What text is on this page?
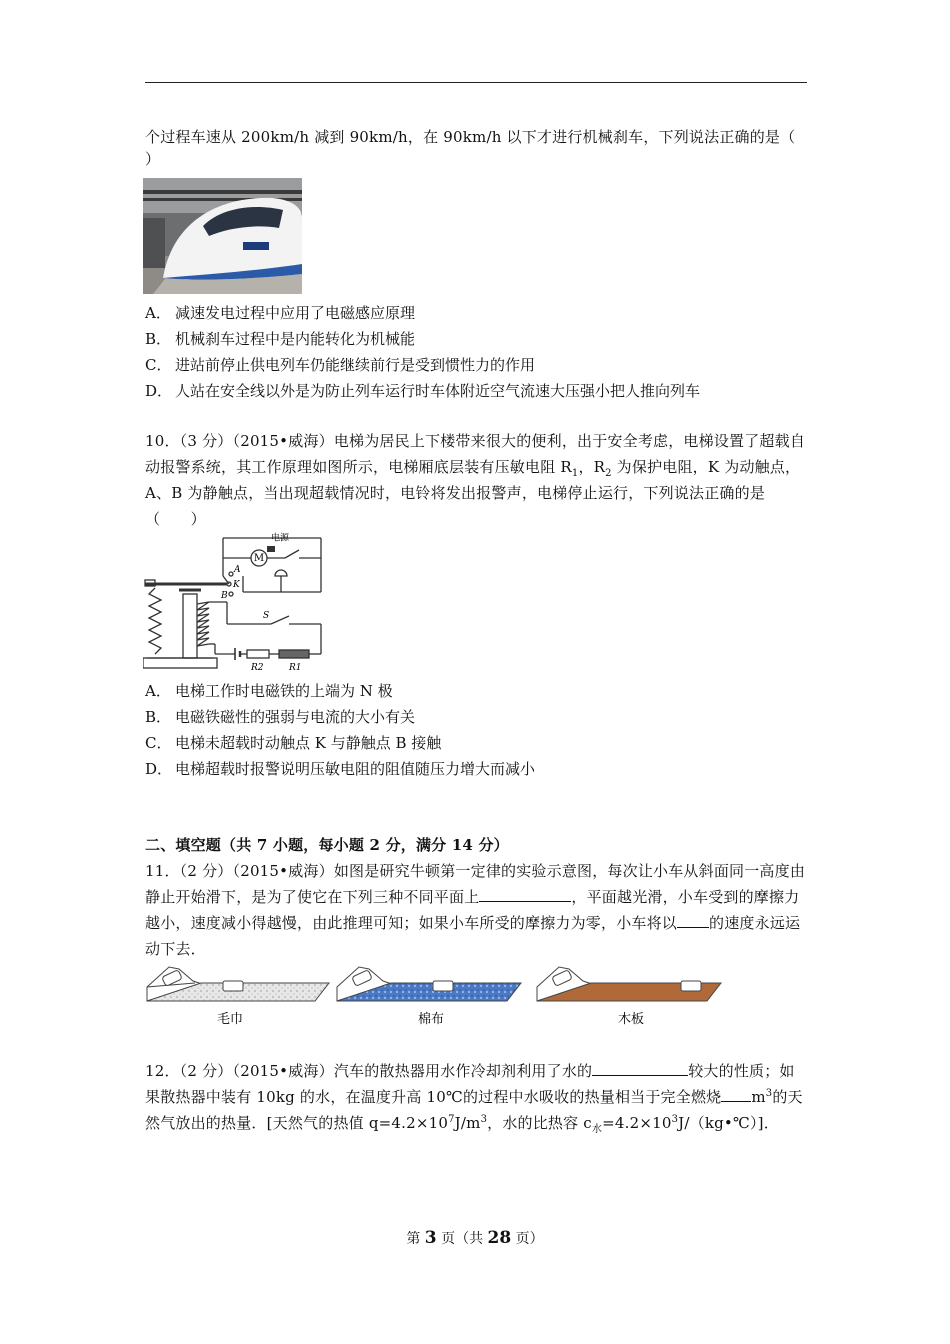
个过程车速从 200km/h 减到 90km/h，在 90km/h 以下才进行机械刹车，下列说法正确的是（
）
A． 减速发电过程中应用了电磁感应原理
B． 机械刹车过程中是内能转化为机械能
C． 进站前停止供电列车仍能继续前行是受到惯性力的作用
D． 人站在安全线以外是为防止列车运行时车体附近空气流速大压强小把人推向列车
10．（3 分）（2015•威海）电梯为居民上下楼带来很大的便利，出于安全考虑，电梯设置了超载自动报警系统，其工作原理如图所示，电梯厢底层装有压敏电阻 $R_1$，$R_2$ 为保护电阻，K 为动触点，A、B 为静触点，当出现超载情况时，电铃将发出报警声，电梯停止运行，下列说法正确的是（　　）
M
电源
A
K
B
S
R2	R1
A． 电梯工作时电磁铁的上端为 N 极
B． 电磁铁磁性的强弱与电流的大小有关
C． 电梯未超载时动触点 K 与静触点 B 接触
D． 电梯超载时报警说明压敏电阻的阻值随压力增大而减小
二、填空题（共 7 小题，每小题 2 分，满分 14 分）
11．（2 分）（2015•威海）如图是研究牛顿第一定律的实验示意图，每次让小车从斜面同一高度由静止开始滑下，是为了使它在下列三种不同平面上	，平面越光滑，小车受到的摩擦力越小，速度减小得越慢，由此推理可知；如果小车所受的摩擦力为零，小车将以 的速度永远运动下去．
毛巾	棉布	木板
12．（2 分）（2015•威海）汽车的散热器用水作冷却剂利用了水的	较大的性质；如果散热器中装有 10kg 的水，在温度升高 10℃的过程中水吸收的热量相当于完全燃烧 $m^3$的天然气放出的热量．[天然气的热值 $q=4.2\times 10^7J/m^3$，水的比热容 $c_水=4.2\times 10^3J/(kg•℃)$]．
第 3 页（共 28 页）
